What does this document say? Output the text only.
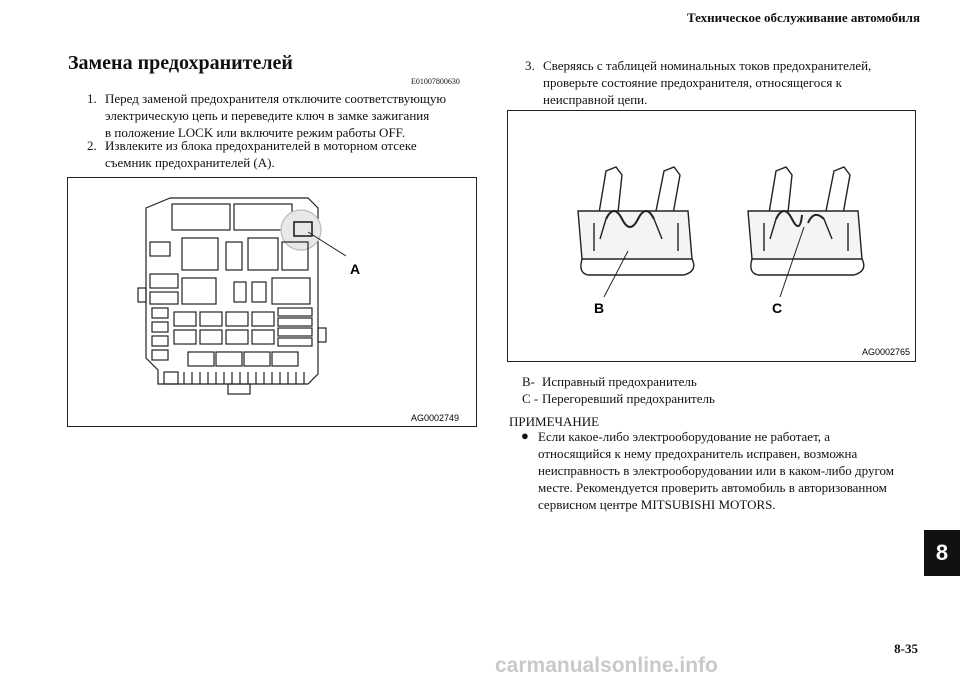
Техническое обслуживание автомобиля
Замена предохранителей
E01007800630
1. Перед заменой предохранителя отключите соответствующую
электрическую цепь и переведите ключ в замке зажигания
в положение LOCK или включите режим работы OFF.
2. Извлеките из блока предохранителей в моторном отсеке
съемник предохранителей (A).
A
AG0002749
3. Сверяясь с таблицей номинальных токов предохранителей,
проверьте состояние предохранителя, относящегося к
неисправной цепи.
B	C
AG0002765
B- Исправный предохранитель
C - Перегоревший предохранитель
ПРИМЕЧАНИЕ
● Если какое-либо электрооборудование не работает, а
относящийся к нему предохранитель исправен, возможна
неисправность в электрооборудовании или в каком-либо другом
месте. Рекомендуется проверить автомобиль в авторизованном
сервисном центре MITSUBISHI MOTORS.
8
8-35
carmanualsonline.info
